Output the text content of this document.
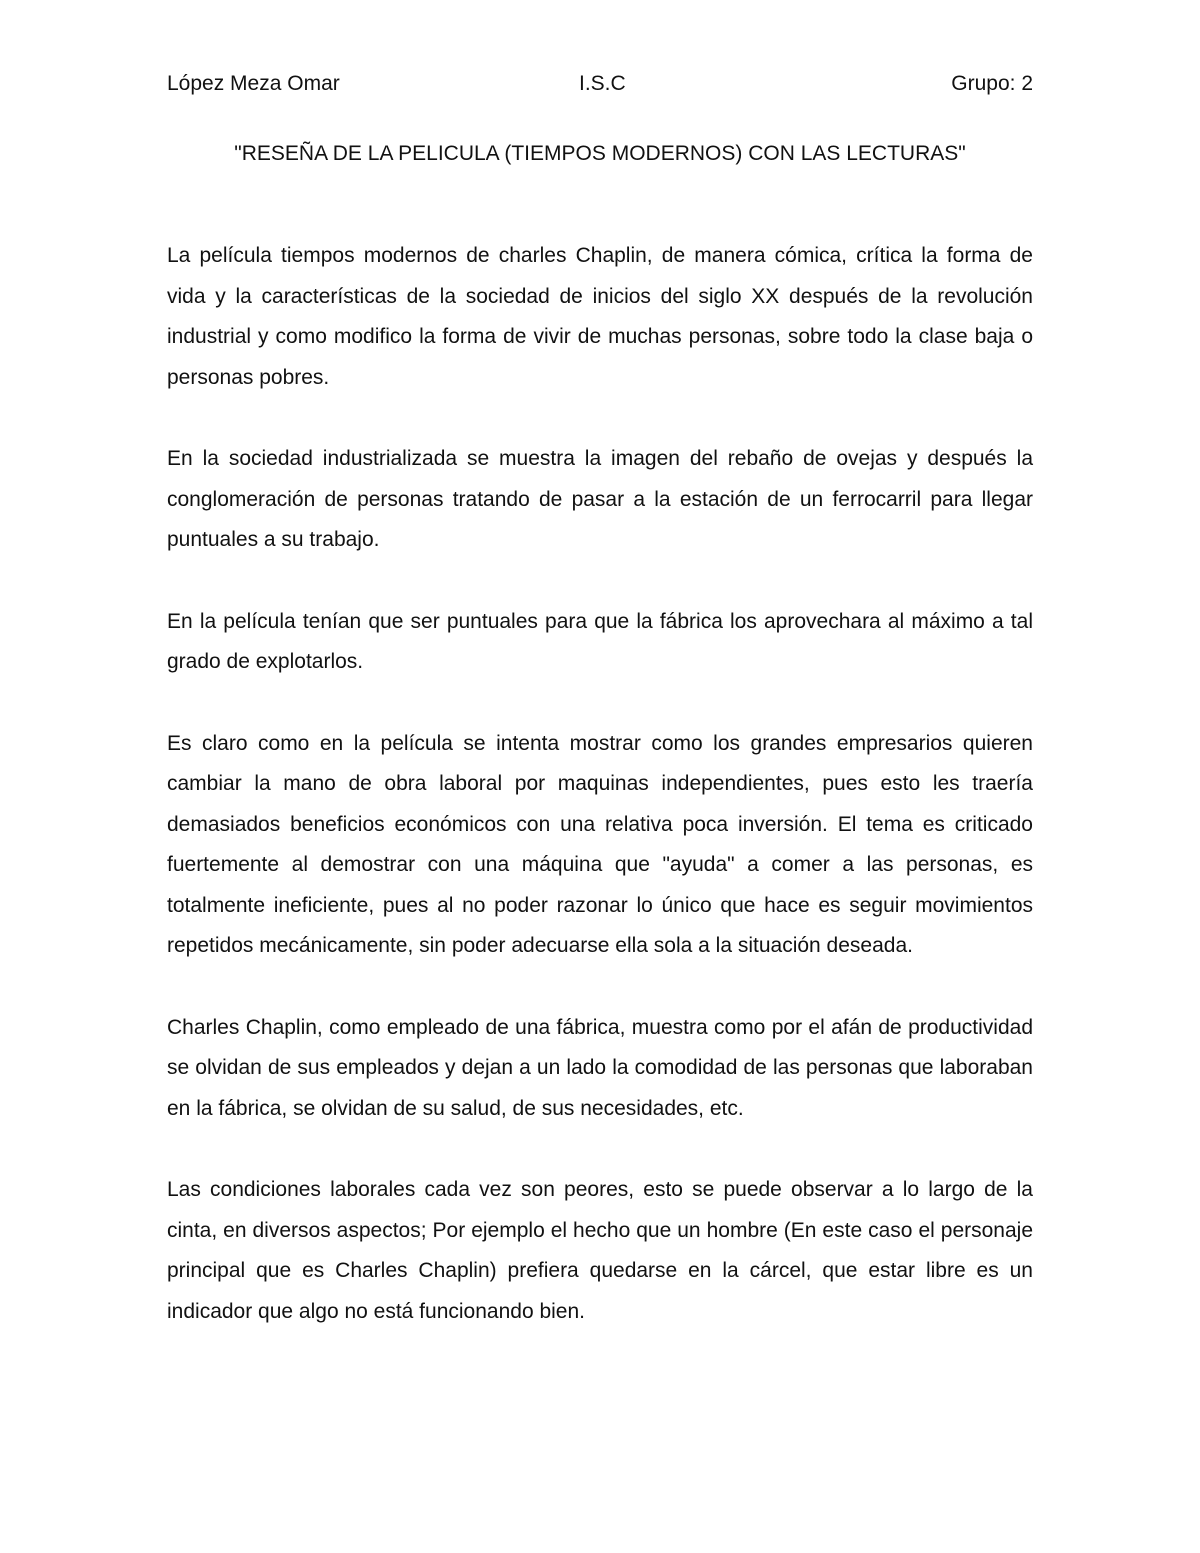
López Meza Omar	I.S.C	Grupo: 2
"RESEÑA DE LA PELICULA (TIEMPOS MODERNOS) CON LAS LECTURAS"

La película tiempos modernos de charles Chaplin, de manera cómica, crítica la forma de vida y la características de la sociedad de inicios del siglo XX después de la revolución industrial y como modifico la forma de vivir de muchas personas, sobre todo la clase baja o personas pobres.

En la sociedad industrializada se muestra la imagen del rebaño de ovejas y después la conglomeración de personas tratando de pasar a la estación de un ferrocarril para llegar puntuales a su trabajo.

En la película tenían que ser puntuales para que la fábrica los aprovechara al máximo a tal grado de explotarlos.

Es claro como en la película se intenta mostrar como los grandes empresarios quieren cambiar la mano de obra laboral por maquinas independientes, pues esto les traería demasiados beneficios económicos con una relativa poca inversión. El tema es criticado fuertemente al demostrar con una máquina que "ayuda" a comer a las personas, es totalmente ineficiente, pues al no poder razonar lo único que hace es seguir movimientos repetidos mecánicamente, sin poder adecuarse ella sola a la situación deseada.

Charles Chaplin, como empleado de una fábrica, muestra como por el afán de productividad se olvidan de sus empleados y dejan a un lado la comodidad de las personas que laboraban en la fábrica, se olvidan de su salud, de sus necesidades, etc.

Las condiciones laborales cada vez son peores, esto se puede observar a lo largo de la cinta, en diversos aspectos; Por ejemplo el hecho que un hombre (En este caso el personaje principal que es Charles Chaplin) prefiera quedarse en la cárcel, que estar libre es un indicador que algo no está funcionando bien.
